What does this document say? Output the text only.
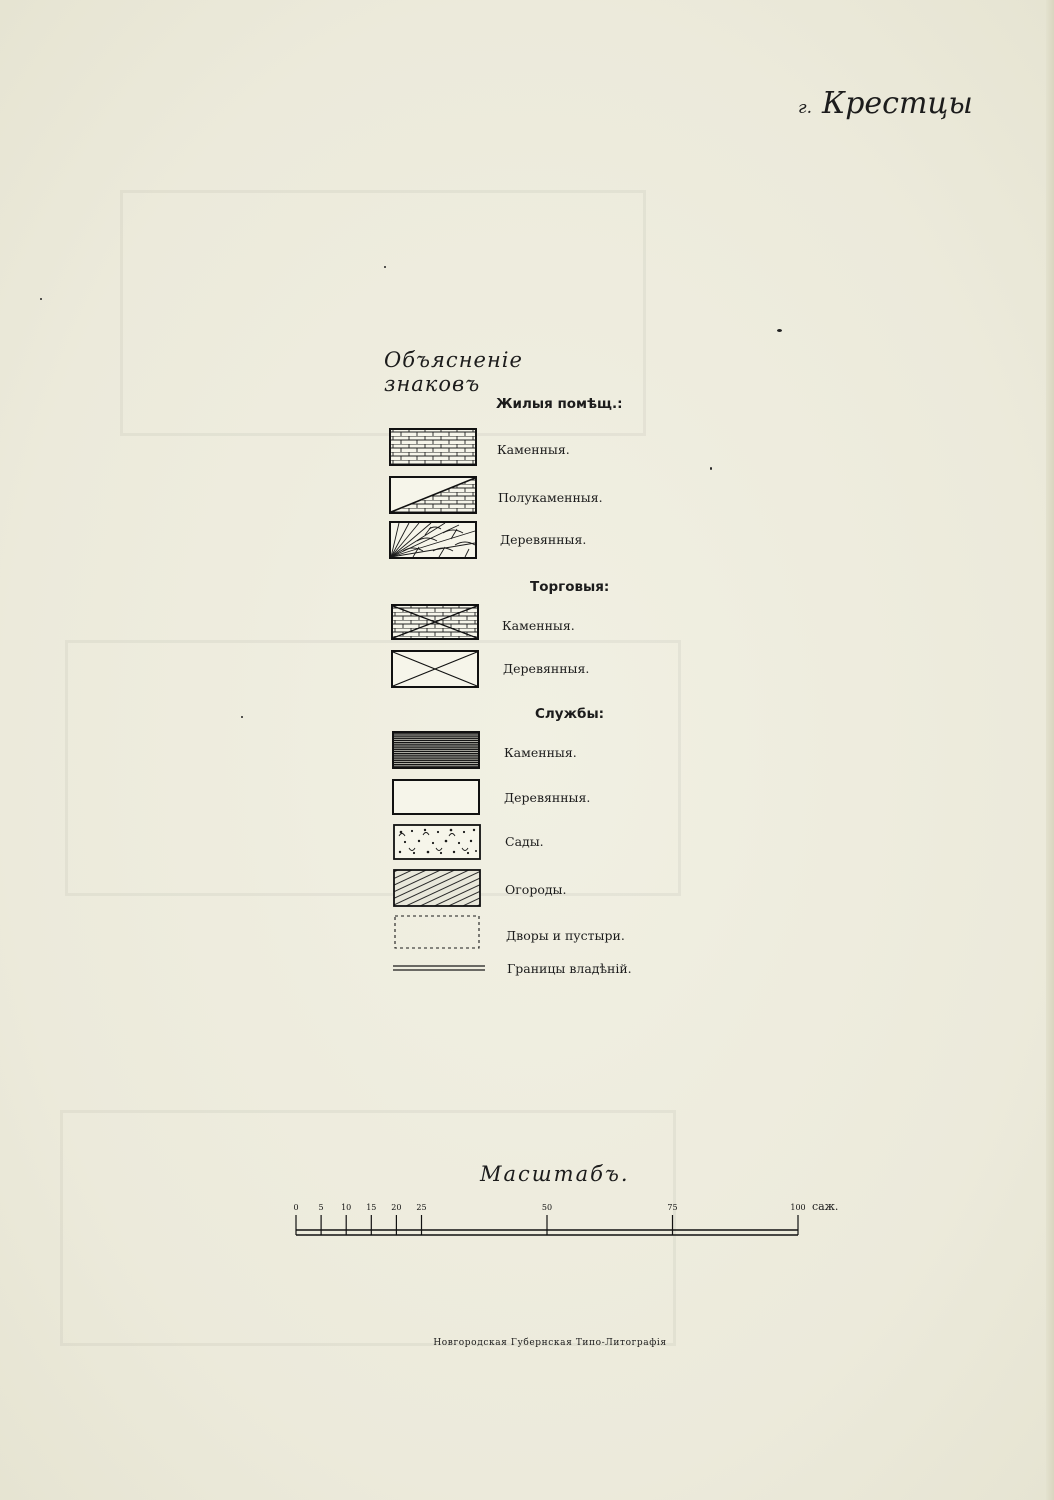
г. Крестцы
Объясненіе знаковъ
Жилыя помѣщ.:
Торговыя:
Службы:
Каменныя.
Полукаменныя.
Деревянныя.
Каменныя.
Деревянныя.
Каменныя.
Деревянныя.
Сады.
Огороды.
Дворы и пустыри.
Границы владѣній.
Масштабъ.
0	5 10 15 20 25	50	75	100 саж.
Новгородская Губернская Типо-Литографія
